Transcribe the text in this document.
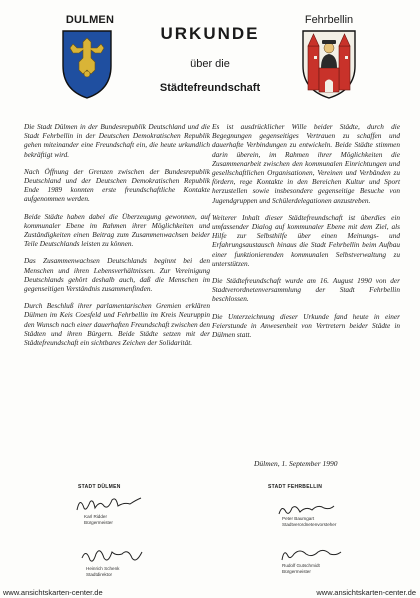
DULMEN
URKUNDE
über die
Städtefreundschaft
Fehrbellin

Die Stadt Dülmen in der Bundesrepublik Deutschland und die Stadt Fehrbellin in der Deutschen Demokratischen Republik gehen miteinander eine Freundschaft ein, die heute urkundlich bekräftigt wird.

Nach Öffnung der Grenzen zwischen der Bundesrepublik Deutschland und der Deutschen Demokratischen Republik Ende 1989 konnten erste freundschaftliche Kontakte aufgenommen werden.

Beide Städte haben dabei die Überzeugung gewonnen, auf kommunaler Ebene im Rahmen ihrer Möglichkeiten und Zuständigkeiten einen Beitrag zum Zusammenwachsen beider Teile Deutschlands leisten zu können.

Das Zusammenwachsen Deutschlands beginnt bei den Menschen und ihren Lebensverhältnissen. Zur Vereinigung Deutschlands gehört deshalb auch, daß die Menschen im gegenseitigen Verständnis zusammenfinden.

Durch Beschluß ihrer parlamentarischen Gremien erklären Dülmen im Keis Coesfeld und Fehrbellin im Kreis Neuruppin den Wunsch nach einer dauerhaften Freundschaft zwischen den Städten und ihren Bürgern. Beide Städte setzen mit der Städtefreundschaft ein sichtbares Zeichen der Solidarität.

Es ist ausdrücklicher Wille beider Städte, durch die Begegnungen gegenseitiges Vertrauen zu schaffen und dauerhafte Verbindungen zu entwickeln. Beide Städte stimmen darin überein, im Rahmen ihrer Möglichkeiten die Zusammenarbeit zwischen den kommunalen Einrichtungen und gesellschaftlichen Organisationen, Vereinen und Verbänden zu fördern, rege Kontakte in den Bereichen Kultur und Sport herzustellen sowie insbesondere gegenseitige Besuche von Jugendgruppen und Schülerdelegationen anzustreben.

Weiterer Inhalt dieser Städtefreundschaft ist überdies ein umfassender Dialog auf kommunaler Ebene mit dem Ziel, als Hilfe zur Selbsthilfe über einen Meinungs- und Erfahrungsaustausch hinaus die Stadt Fehrbellin beim Aufbau einer funktionierenden kommunalen Selbstverwaltung zu unterstützen.

Die Städtefreundschaft wurde am 16. August 1990 von der Stadtverordnetenversammlung der Stadt Fehrbellin beschlossen.

Die Unterzeichnung dieser Urkunde fand heute in einer Feierstunde in Anwesenheit von Vertretern beider Städte in Dülmen statt.

Dülmen, 1. September 1990
STADT DÜLMEN
Karl Ridder
Bürgermeister
Heinrich Schenk
Stadtdirektor
STADT FEHRBELLIN
Peter Baumgart
Stadtverordnetenvorsteher
Rudolf Gutschmidt
Bürgermeister
www.ansichtskarten-center.de	www.ansichtskarten-center.de
